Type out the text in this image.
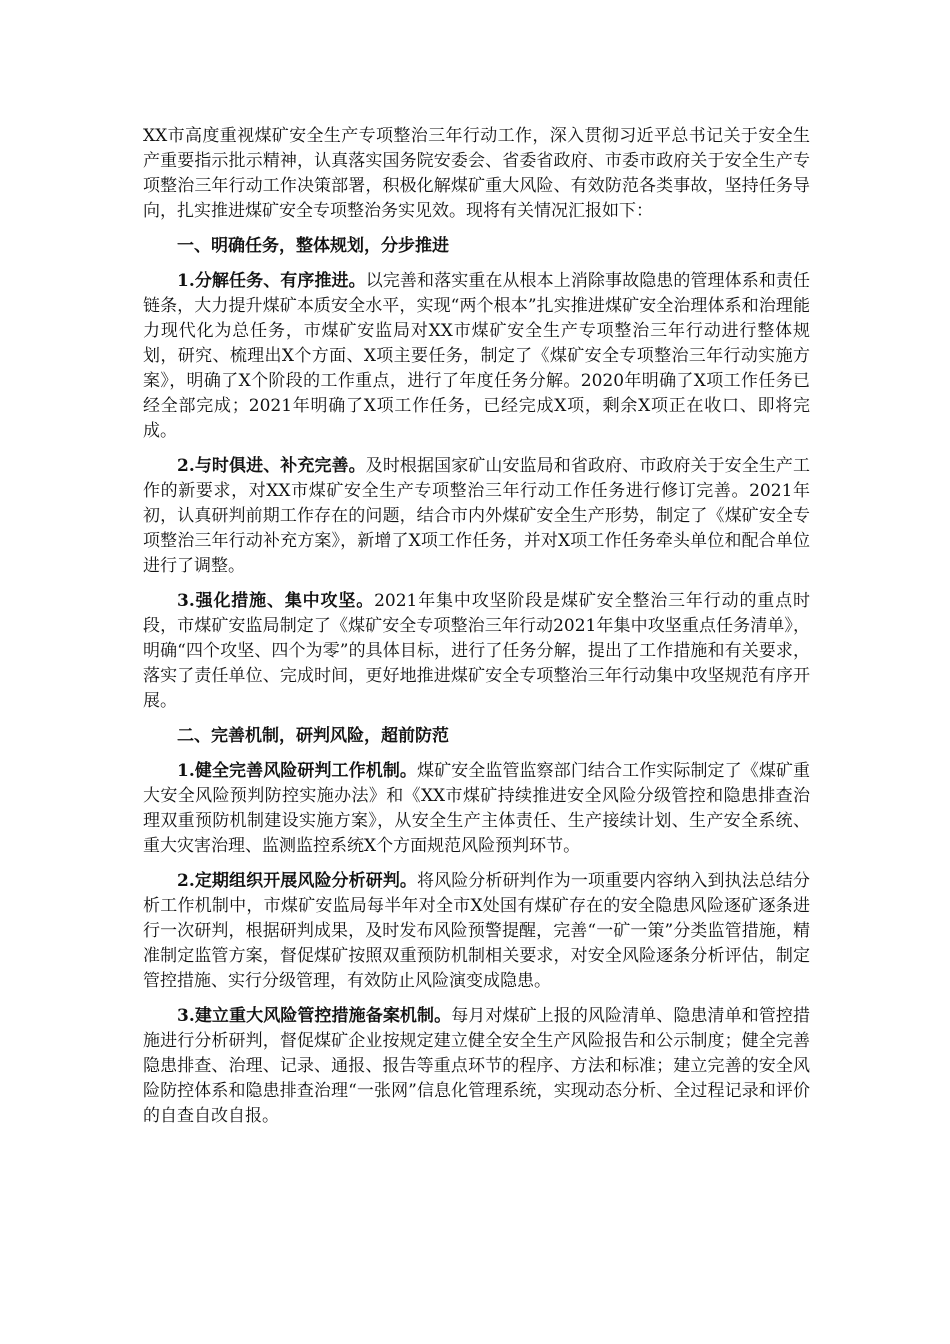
XX市高度重视煤矿安全生产专项整治三年行动工作，深入贯彻习近平总书记关于安全生产重要指示批示精神，认真落实国务院安委会、省委省政府、市委市政府关于安全生产专项整治三年行动工作决策部署，积极化解煤矿重大风险、有效防范各类事故，坚持任务导向，扎实推进煤矿安全专项整治务实见效。现将有关情况汇报如下：

一、明确任务，整体规划，分步推进

1.分解任务、有序推进。以完善和落实重在从根本上消除事故隐患的管理体系和责任链条，大力提升煤矿本质安全水平，实现“两个根本”扎实推进煤矿安全治理体系和治理能力现代化为总任务，市煤矿安监局对XX市煤矿安全生产专项整治三年行动进行整体规划，研究、梳理出X个方面、X项主要任务，制定了《煤矿安全专项整治三年行动实施方案》，明确了X个阶段的工作重点，进行了年度任务分解。2020年明确了X项工作任务已经全部完成；2021年明确了X项工作任务，已经完成X项，剩余X项正在收口、即将完成。

2.与时俱进、补充完善。及时根据国家矿山安监局和省政府、市政府关于安全生产工作的新要求，对XX市煤矿安全生产专项整治三年行动工作任务进行修订完善。2021年初，认真研判前期工作存在的问题，结合市内外煤矿安全生产形势，制定了《煤矿安全专项整治三年行动补充方案》，新增了X项工作任务，并对X项工作任务牵头单位和配合单位进行了调整。

3.强化措施、集中攻坚。2021年集中攻坚阶段是煤矿安全整治三年行动的重点时段，市煤矿安监局制定了《煤矿安全专项整治三年行动2021年集中攻坚重点任务清单》，明确“四个攻坚、四个为零”的具体目标，进行了任务分解，提出了工作措施和有关要求，落实了责任单位、完成时间，更好地推进煤矿安全专项整治三年行动集中攻坚规范有序开展。

二、完善机制，研判风险，超前防范

1.健全完善风险研判工作机制。煤矿安全监管监察部门结合工作实际制定了《煤矿重大安全风险预判防控实施办法》和《XX市煤矿持续推进安全风险分级管控和隐患排查治理双重预防机制建设实施方案》，从安全生产主体责任、生产接续计划、生产安全系统、重大灾害治理、监测监控系统X个方面规范风险预判环节。

2.定期组织开展风险分析研判。将风险分析研判作为一项重要内容纳入到执法总结分析工作机制中，市煤矿安监局每半年对全市X处国有煤矿存在的安全隐患风险逐矿逐条进行一次研判，根据研判成果，及时发布风险预警提醒，完善“一矿一策”分类监管措施，精准制定监管方案，督促煤矿按照双重预防机制相关要求，对安全风险逐条分析评估，制定管控措施、实行分级管理，有效防止风险演变成隐患。

3.建立重大风险管控措施备案机制。每月对煤矿上报的风险清单、隐患清单和管控措施进行分析研判，督促煤矿企业按规定建立健全安全生产风险报告和公示制度；健全完善隐患排查、治理、记录、通报、报告等重点环节的程序、方法和标准；建立完善的安全风险防控体系和隐患排查治理“一张网”信息化管理系统，实现动态分析、全过程记录和评价的自查自改自报。
